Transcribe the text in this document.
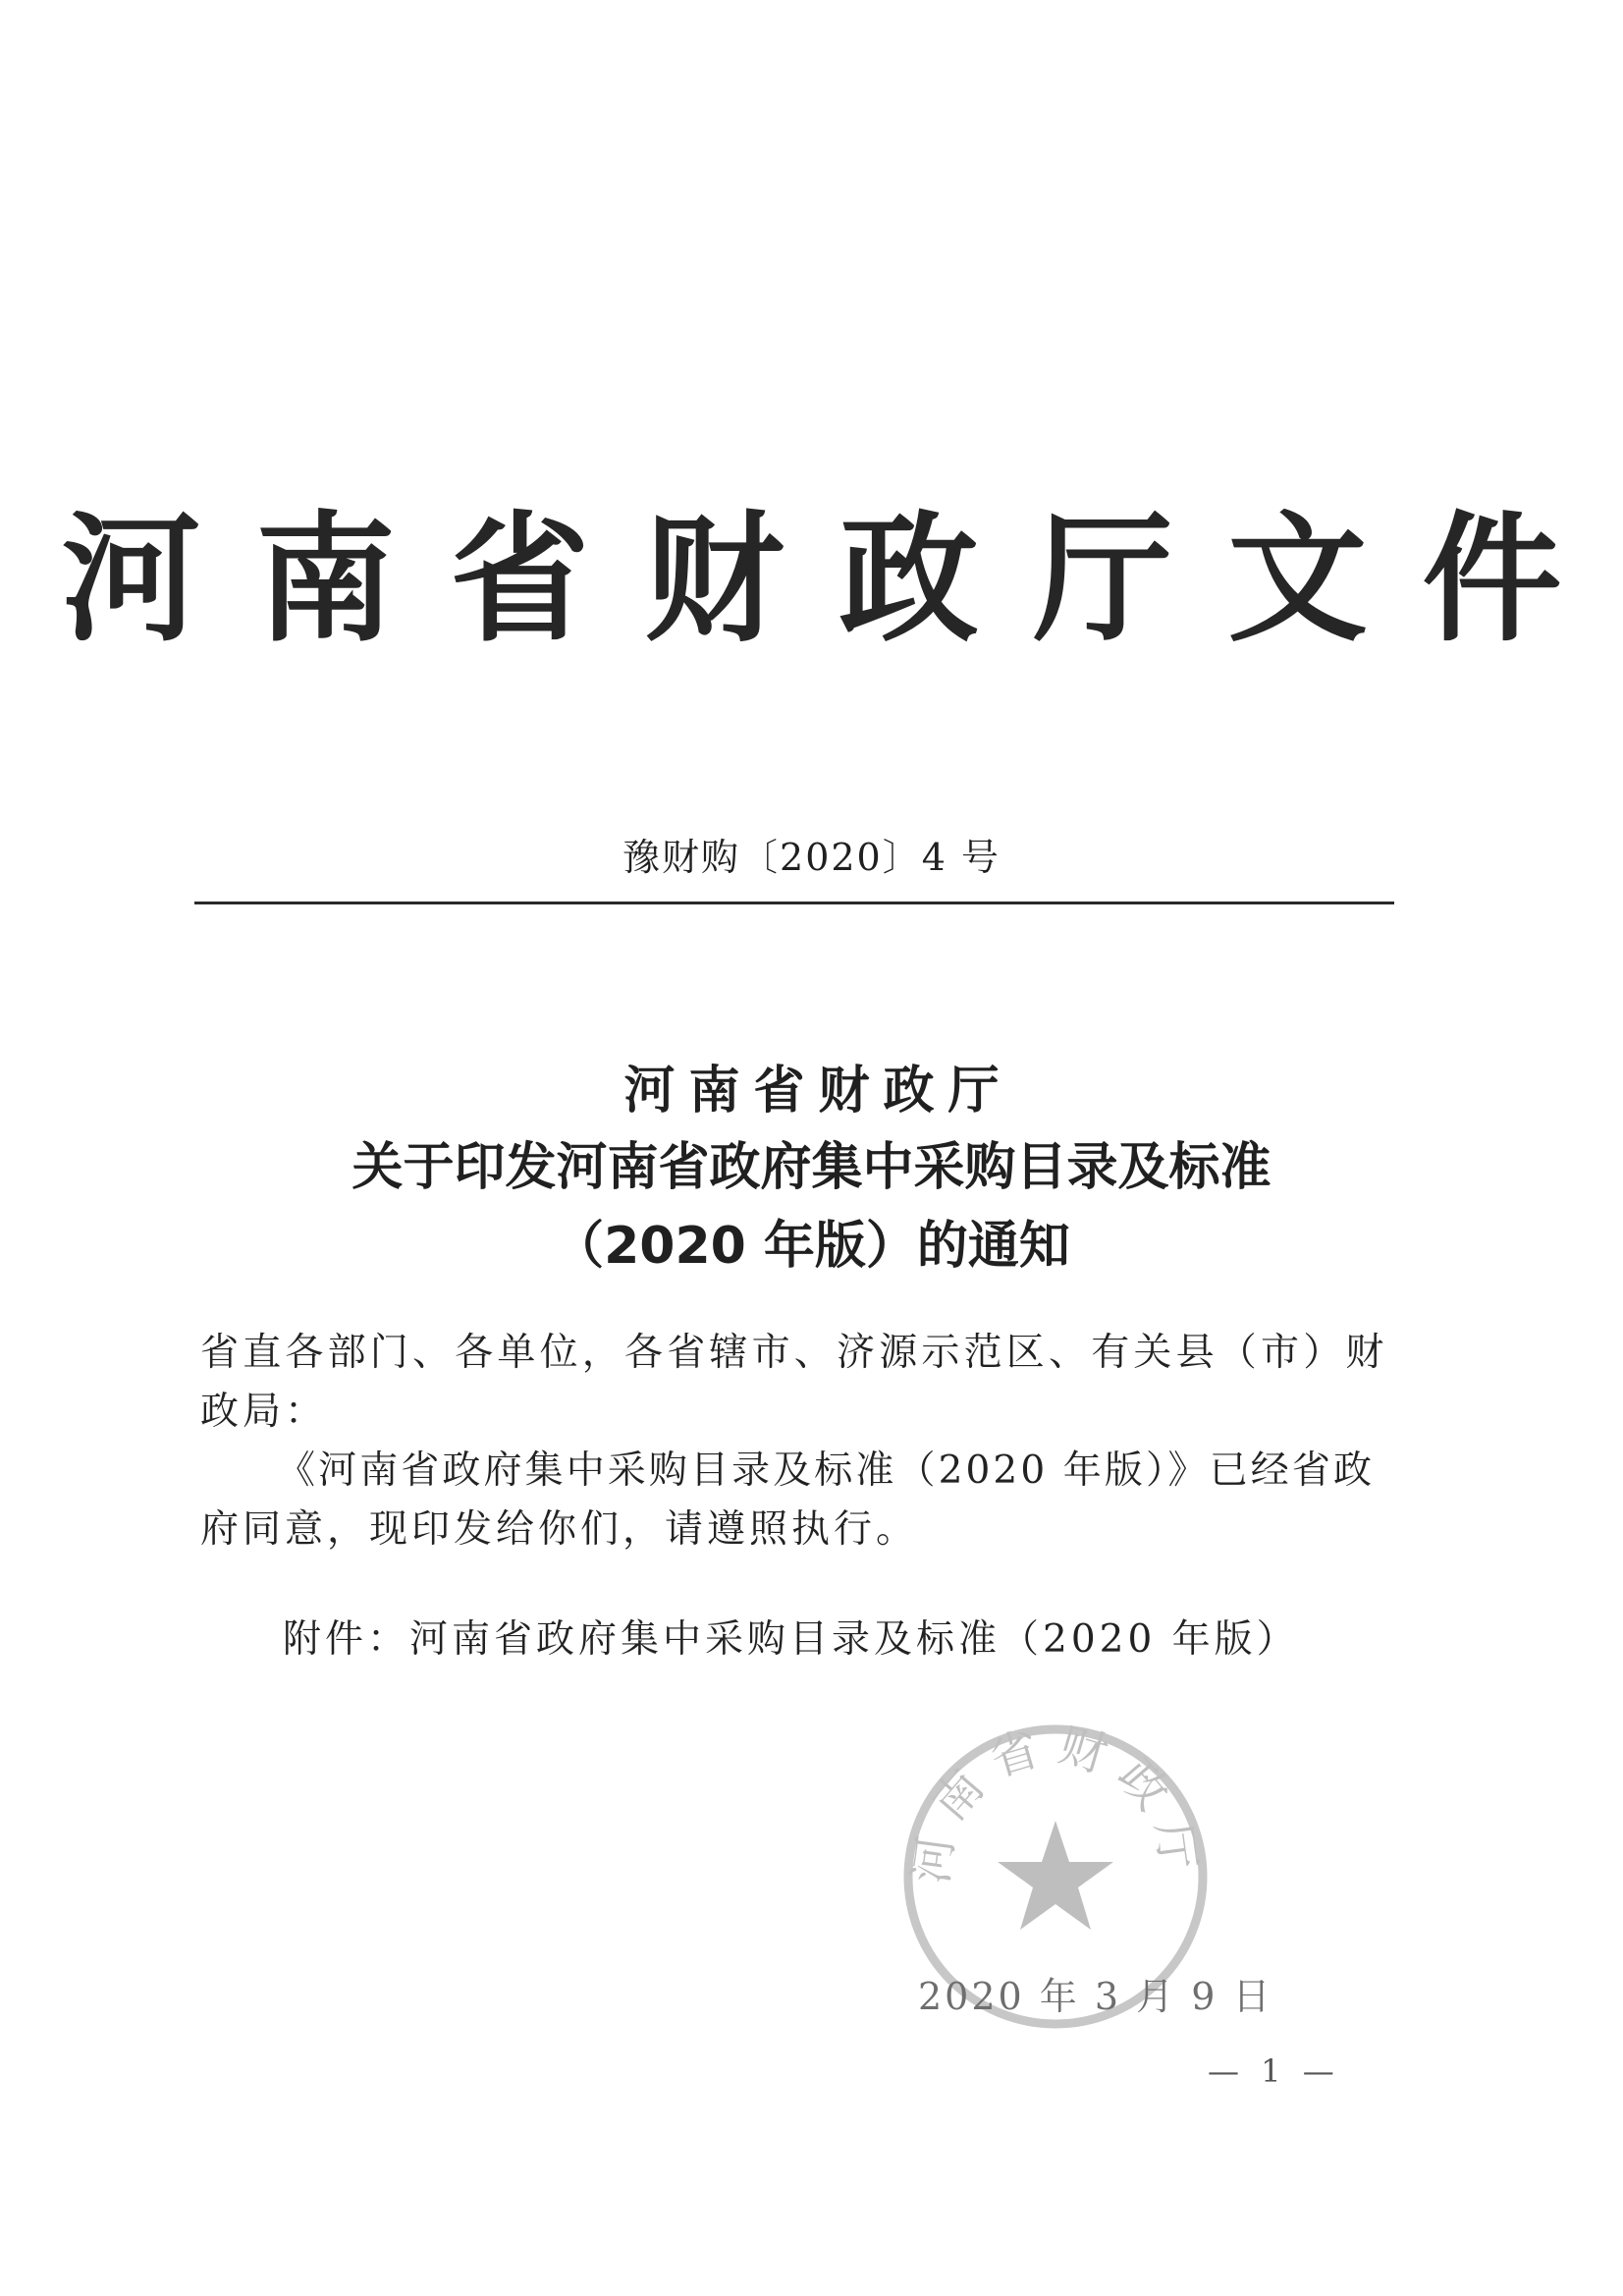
河南省财政厅文件
豫财购〔2020〕4 号
河南省财政厅
关于印发河南省政府集中采购目录及标准
（2020 年版）的通知
省直各部门、各单位，各省辖市、济源示范区、有关县（市）财
政局：
《河南省政府集中采购目录及标准（2020 年版）》已经省政
府同意，现印发给你们，请遵照执行。
附件：河南省政府集中采购目录及标准（2020 年版）
河南省财政厅
2020 年 3 月 9 日
— 1 —
